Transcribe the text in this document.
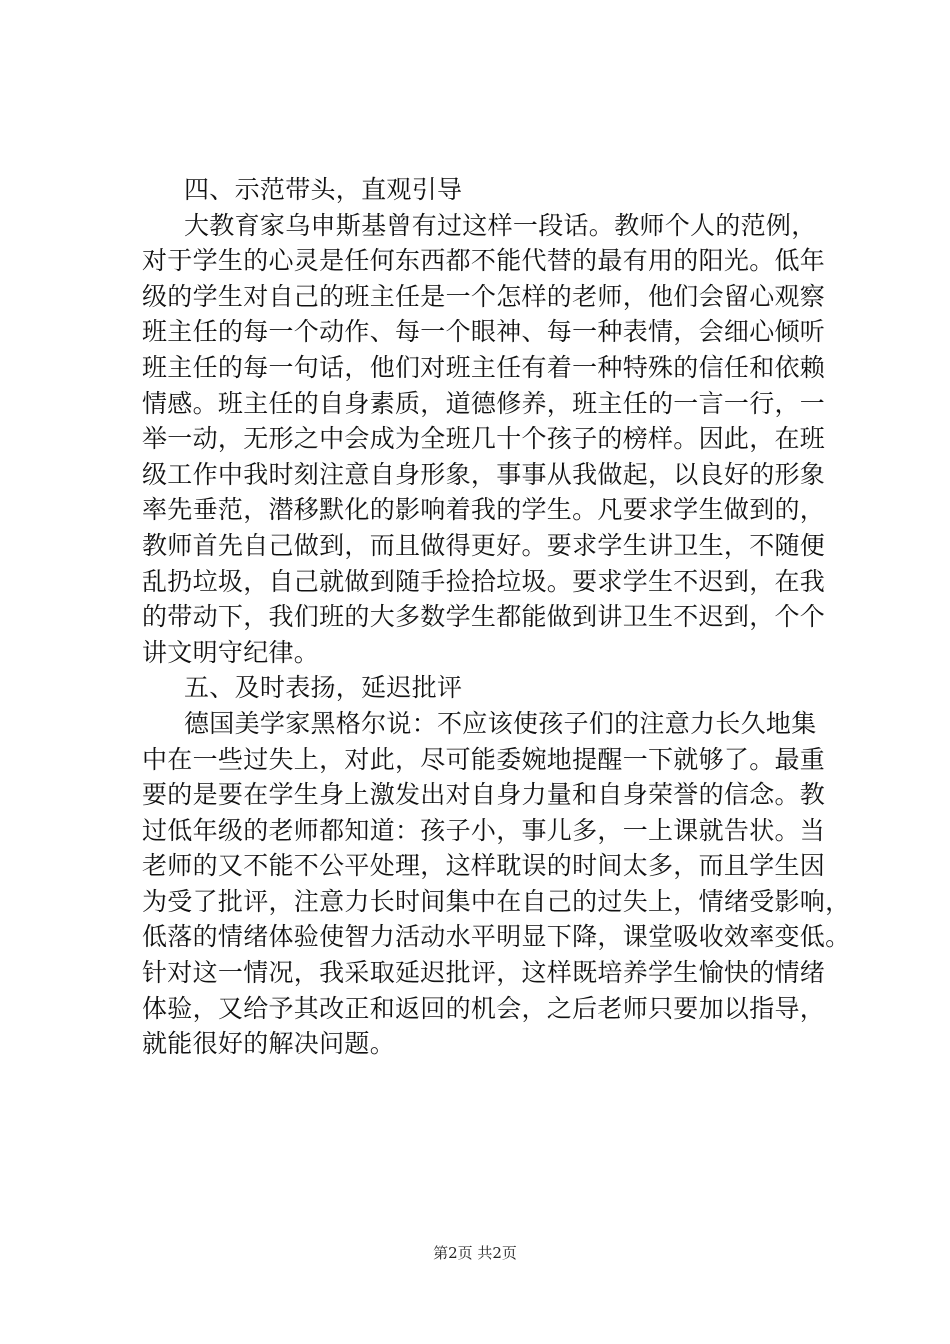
四、示范带头，直观引导
大教育家乌申斯基曾有过这样一段话。教师个人的范例，
对于学生的心灵是任何东西都不能代替的最有用的阳光。低年
级的学生对自己的班主任是一个怎样的老师，他们会留心观察
班主任的每一个动作、每一个眼神、每一种表情，会细心倾听
班主任的每一句话，他们对班主任有着一种特殊的信任和依赖
情感。班主任的自身素质，道德修养，班主任的一言一行，一
举一动，无形之中会成为全班几十个孩子的榜样。因此，在班
级工作中我时刻注意自身形象，事事从我做起，以良好的形象
率先垂范，潜移默化的影响着我的学生。凡要求学生做到的，
教师首先自己做到，而且做得更好。要求学生讲卫生，不随便
乱扔垃圾，自己就做到随手捡拾垃圾。要求学生不迟到，在我
的带动下，我们班的大多数学生都能做到讲卫生不迟到，个个
讲文明守纪律。
五、及时表扬，延迟批评
德国美学家黑格尔说：不应该使孩子们的注意力长久地集
中在一些过失上，对此，尽可能委婉地提醒一下就够了。最重
要的是要在学生身上激发出对自身力量和自身荣誉的信念。教
过低年级的老师都知道：孩子小，事儿多，一上课就告状。当
老师的又不能不公平处理，这样耽误的时间太多，而且学生因
为受了批评，注意力长时间集中在自己的过失上，情绪受影响，
低落的情绪体验使智力活动水平明显下降，课堂吸收效率变低。
针对这一情况，我采取延迟批评，这样既培养学生愉快的情绪
体验，又给予其改正和返回的机会，之后老师只要加以指导，
就能很好的解决问题。
第2页 共2页
